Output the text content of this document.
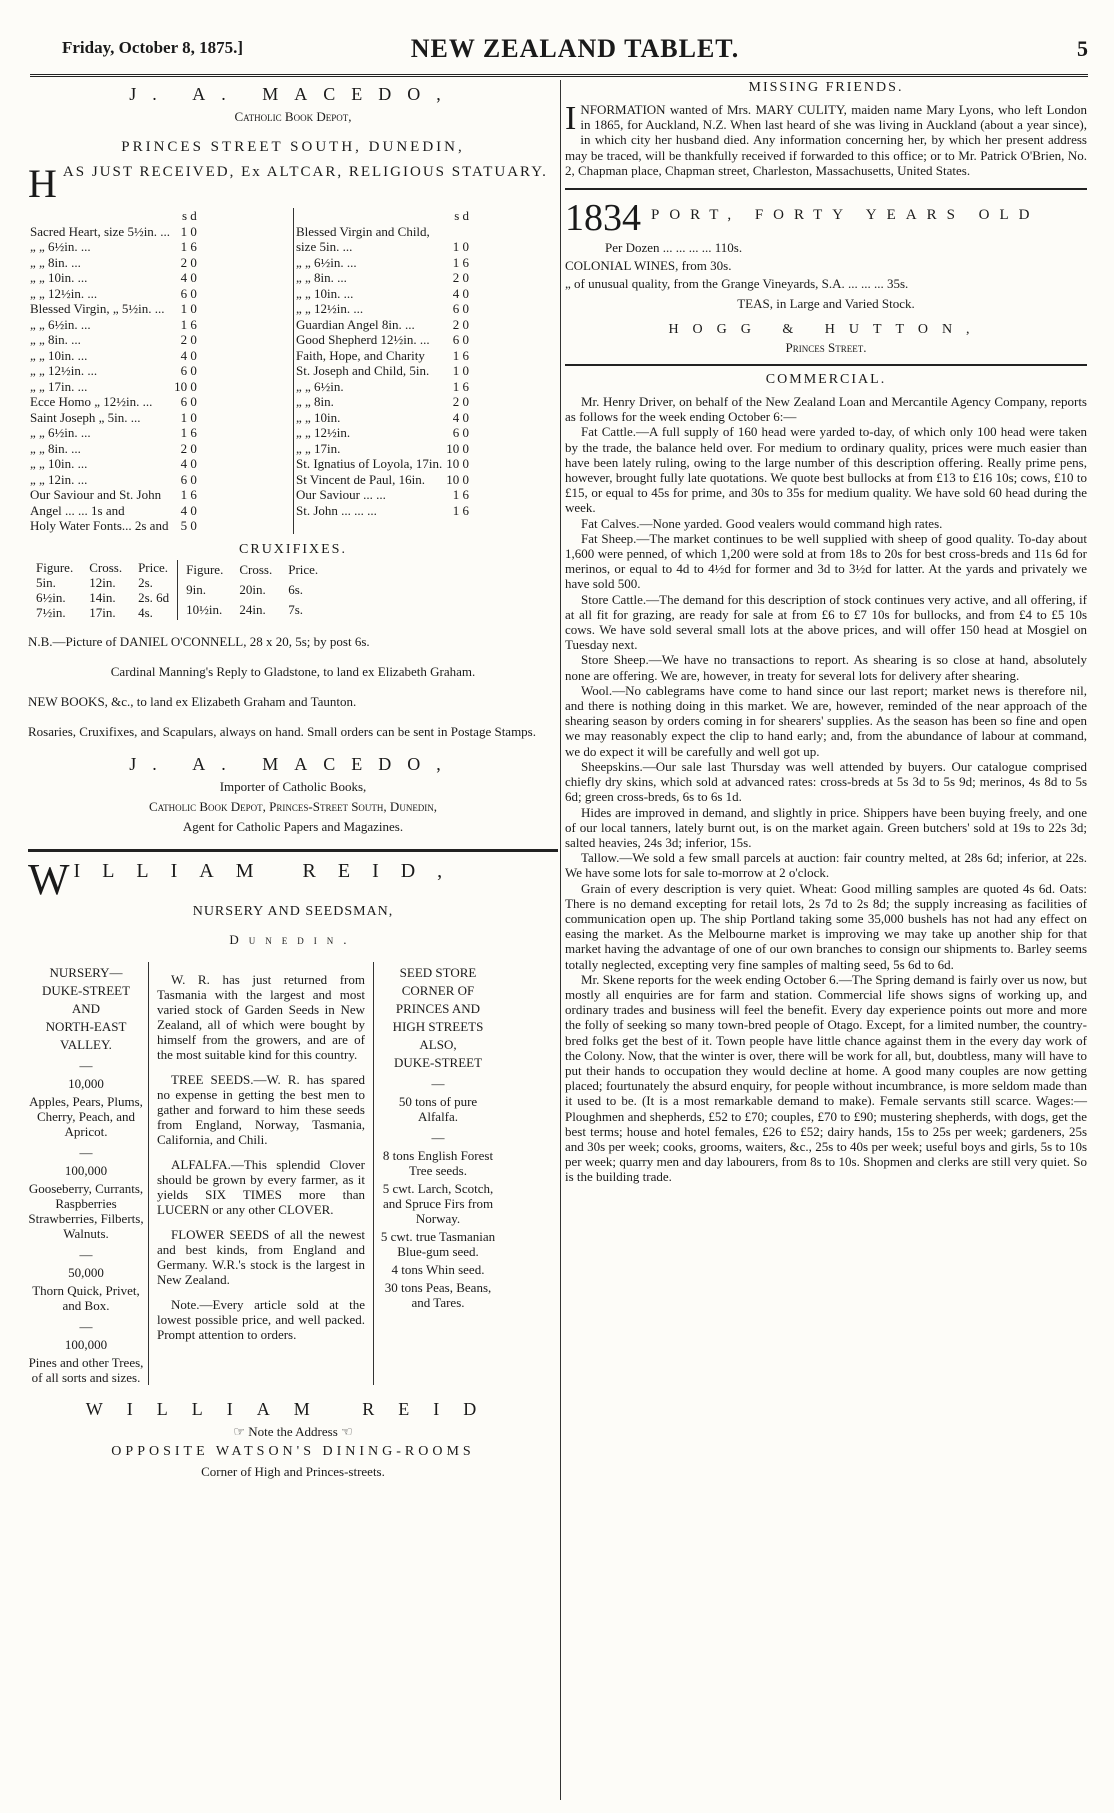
Friday, October 8, 1875.]	NEW ZEALAND TABLET.	5
J. A. MACEDO,
Catholic Book Depot,
PRINCES STREET SOUTH, DUNEDIN,
H AS JUST RECEIVED, Ex ALTCAR, RELIGIOUS STATUARY.
	s d
Sacred Heart, size 5½in. ...	1 0
„ „ 6½in. ...	1 6
„ „ 8in. ...	2 0
„ „ 10in. ...	4 0
„ „ 12½in. ...	6 0
Blessed Virgin, „ 5½in. ...	1 0
„ „ 6½in. ...	1 6
„ „ 8in. ...	2 0
„ „ 10in. ...	4 0
„ „ 12½in. ...	6 0
„ „ 17in. ...	10 0
Ecce Homo „ 12½in. ...	6 0
Saint Joseph „ 5in. ...	1 0
„ „ 6½in. ...	1 6
„ „ 8in. ...	2 0
„ „ 10in. ...	4 0
„ „ 12in. ...	6 0
Our Saviour and St. John	1 6
Angel ... ... 1s and	4 0
Holy Water Fonts... 2s and	5 0
	s d
Blessed Virgin and Child,	
size 5in. ...	1 0
„ „ 6½in. ...	1 6
„ „ 8in. ...	2 0
„ „ 10in. ...	4 0
„ „ 12½in. ...	6 0
Guardian Angel 8in. ...	2 0
Good Shepherd 12½in. ...	6 0
Faith, Hope, and Charity	1 6
St. Joseph and Child, 5in.	1 0
„ „ 6½in.	1 6
„ „ 8in.	2 0
„ „ 10in.	4 0
„ „ 12½in.	6 0
„ „ 17in.	10 0
St. Ignatius of Loyola, 17in.	10 0
St Vincent de Paul, 16in.	10 0
Our Saviour ... ...	1 6
St. John ... ... ...	1 6
CRUXIFIXES.
Figure.	Cross.	Price.
5in.	12in.	2s.
6½in.	14in.	2s. 6d
7½in.	17in.	4s.
Figure.	Cross.	Price.
9in.	20in.	6s.
10½in.	24in.	7s.

N.B.—Picture of DANIEL O'CONNELL, 28 x 20, 5s; by post 6s.

Cardinal Manning's Reply to Gladstone, to land ex Elizabeth Graham.

NEW BOOKS, &c., to land ex Elizabeth Graham and Taunton.

Rosaries, Cruxifixes, and Scapulars, always on hand. Small orders can be sent in Postage Stamps.

J. A. MACEDO,

Importer of Catholic Books,

Catholic Book Depot, Princes-Street South, Dunedin,

Agent for Catholic Papers and Magazines.

W ILLIAM REID,

NURSERY AND SEEDSMAN,

Dunedin.

NURSERY—
DUKE-STREET
AND
NORTH-EAST
VALLEY.
—
10,000
Apples, Pears, Plums, Cherry, Peach, and Apricot.
—
100,000
Gooseberry, Currants, Raspberries Strawberries, Filberts, Walnuts.
—
50,000
Thorn Quick, Privet, and Box.
—
100,000
Pines and other Trees, of all sorts and sizes.
W. R. has just returned from Tasmania with the largest and most varied stock of Garden Seeds in New Zealand, all of which were bought by himself from the growers, and are of the most suitable kind for this country.
TREE SEEDS.—W. R. has spared no expense in getting the best men to gather and forward to him these seeds from England, Norway, Tasmania, California, and Chili.
ALFALFA.—This splendid Clover should be grown by every farmer, as it yields SIX TIMES more than LUCERN or any other CLOVER.
FLOWER SEEDS of all the newest and best kinds, from England and Germany. W.R.'s stock is the largest in New Zealand.
Note.—Every article sold at the lowest possible price, and well packed. Prompt attention to orders.
SEED STORE
CORNER OF
PRINCES AND
HIGH STREETS
ALSO,
DUKE-STREET
—
50 tons of pure Alfalfa.
—
8 tons English Forest Tree seeds.
5 cwt. Larch, Scotch, and Spruce Firs from Norway.
5 cwt. true Tasmanian Blue-gum seed.
4 tons Whin seed.
30 tons Peas, Beans, and Tares.

WILLIAM REID

☞ Note the Address ☜

OPPOSITE WATSON'S DINING-ROOMS

Corner of High and Princes-streets.

MISSING FRIENDS.
I NFORMATION wanted of Mrs. MARY CULITY, maiden name Mary Lyons, who left London in 1865, for Auckland, N.Z. When last heard of she was living in Auckland (about a year since), in which city her husband died. Any information concerning her, by which her present address may be traced, will be thankfully received if forwarded to this office; or to Mr. Patrick O'Brien, No. 2, Chapman place, Chapman street, Charleston, Massachusetts, United States.
1834 PORT, FORTY YEARS OLD

Per Dozen ... ... ... ... 110s.

COLONIAL WINES, from 30s.

„ of unusual quality, from the Grange Vineyards, S.A. ... ... ... 35s.

TEAS, in Large and Varied Stock.

HOGG & HUTTON,

Princes Street.

COMMERCIAL.

Mr. Henry Driver, on behalf of the New Zealand Loan and Mercantile Agency Company, reports as follows for the week ending October 6:—

Fat Cattle.—A full supply of 160 head were yarded to-day, of which only 100 head were taken by the trade, the balance held over. For medium to ordinary quality, prices were much easier than have been lately ruling, owing to the large number of this description offering. Really prime pens, however, brought fully late quotations. We quote best bullocks at from £13 to £16 10s; cows, £10 to £15, or equal to 45s for prime, and 30s to 35s for medium quality. We have sold 60 head during the week.

Fat Calves.—None yarded. Good vealers would command high rates.

Fat Sheep.—The market continues to be well supplied with sheep of good quality. To-day about 1,600 were penned, of which 1,200 were sold at from 18s to 20s for best cross-breds and 11s 6d for merinos, or equal to 4d to 4½d for former and 3d to 3½d for latter. At the yards and privately we have sold 500.

Store Cattle.—The demand for this description of stock continues very active, and all offering, if at all fit for grazing, are ready for sale at from £6 to £7 10s for bullocks, and from £4 to £5 10s cows. We have sold several small lots at the above prices, and will offer 150 head at Mosgiel on Tuesday next.

Store Sheep.—We have no transactions to report. As shearing is so close at hand, absolutely none are offering. We are, however, in treaty for several lots for delivery after shearing.

Wool.—No cablegrams have come to hand since our last report; market news is therefore nil, and there is nothing doing in this market. We are, however, reminded of the near approach of the shearing season by orders coming in for shearers' supplies. As the season has been so fine and open we may reasonably expect the clip to hand early; and, from the abundance of labour at command, we do expect it will be carefully and well got up.

Sheepskins.—Our sale last Thursday was well attended by buyers. Our catalogue comprised chiefly dry skins, which sold at advanced rates: cross-breds at 5s 3d to 5s 9d; merinos, 4s 8d to 5s 6d; green cross-breds, 6s to 6s 1d.

Hides are improved in demand, and slightly in price. Shippers have been buying freely, and one of our local tanners, lately burnt out, is on the market again. Green butchers' sold at 19s to 22s 3d; salted heavies, 24s 3d; inferior, 15s.

Tallow.—We sold a few small parcels at auction: fair country melted, at 28s 6d; inferior, at 22s. We have some lots for sale to-morrow at 2 o'clock.

Grain of every description is very quiet. Wheat: Good milling samples are quoted 4s 6d. Oats: There is no demand excepting for retail lots, 2s 7d to 2s 8d; the supply increasing as facilities of communication open up. The ship Portland taking some 35,000 bushels has not had any effect on easing the market. As the Melbourne market is improving we may take up another ship for that market having the advantage of one of our own branches to consign our shipments to. Barley seems totally neglected, excepting very fine samples of malting seed, 5s 6d to 6d.

Mr. Skene reports for the week ending October 6.—The Spring demand is fairly over us now, but mostly all enquiries are for farm and station. Commercial life shows signs of working up, and ordinary trades and business will feel the benefit. Every day experience points out more and more the folly of seeking so many town-bred people of Otago. Except, for a limited number, the country-bred folks get the best of it. Town people have little chance against them in the every day work of the Colony. Now, that the winter is over, there will be work for all, but, doubtless, many will have to put their hands to occupation they would decline at home. A good many couples are now getting placed; fourtunately the absurd enquiry, for people without incumbrance, is more seldom made than it used to be. (It is a most remarkable demand to make). Female servants still scarce. Wages:—Ploughmen and shepherds, £52 to £70; couples, £70 to £90; mustering shepherds, with dogs, get the best terms; house and hotel females, £26 to £52; dairy hands, 15s to 25s per week; gardeners, 25s and 30s per week; cooks, grooms, waiters, &c., 25s to 40s per week; useful boys and girls, 5s to 10s per week; quarry men and day labourers, from 8s to 10s. Shopmen and clerks are still very quiet. So is the building trade.
